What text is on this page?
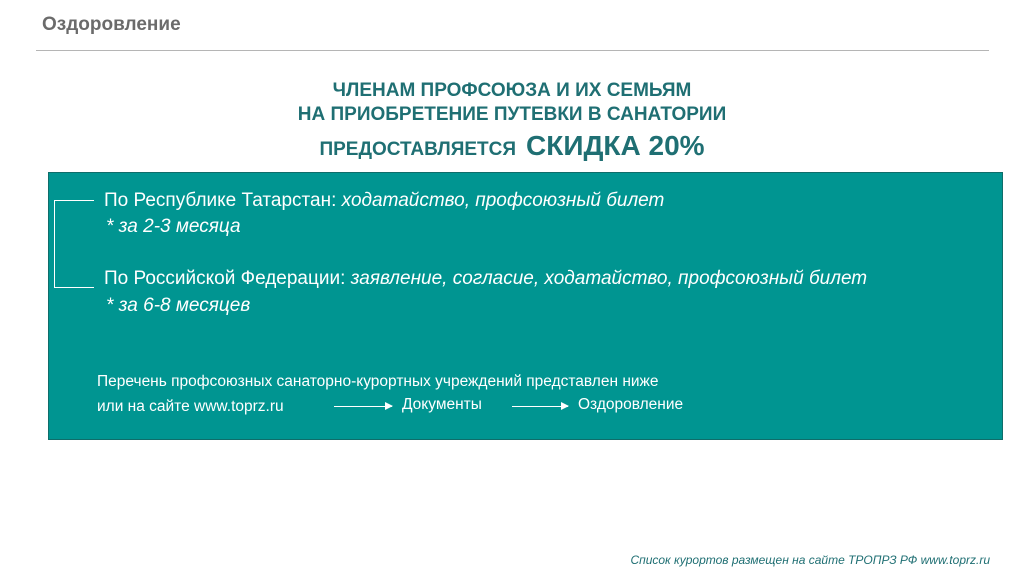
Оздоровление
ЧЛЕНАМ ПРОФСОЮЗА И ИХ СЕМЬЯМ
НА ПРИОБРЕТЕНИЕ ПУТЕВКИ В САНАТОРИИ
ПРЕДОСТАВЛЯЕТСЯ СКИДКА 20%
По Республике Татарстан: ходатайство, профсоюзный билет
* за 2-3 месяца
По Российской Федерации: заявление, согласие, ходатайство, профсоюзный билет
* за 6-8 месяцев
Перечень профсоюзных санаторно-курортных учреждений представлен ниже
или на сайте www.toprz.ru	Документы	Оздоровление
Список курортов размещен на сайте ТРОПРЗ РФ www.toprz.ru
